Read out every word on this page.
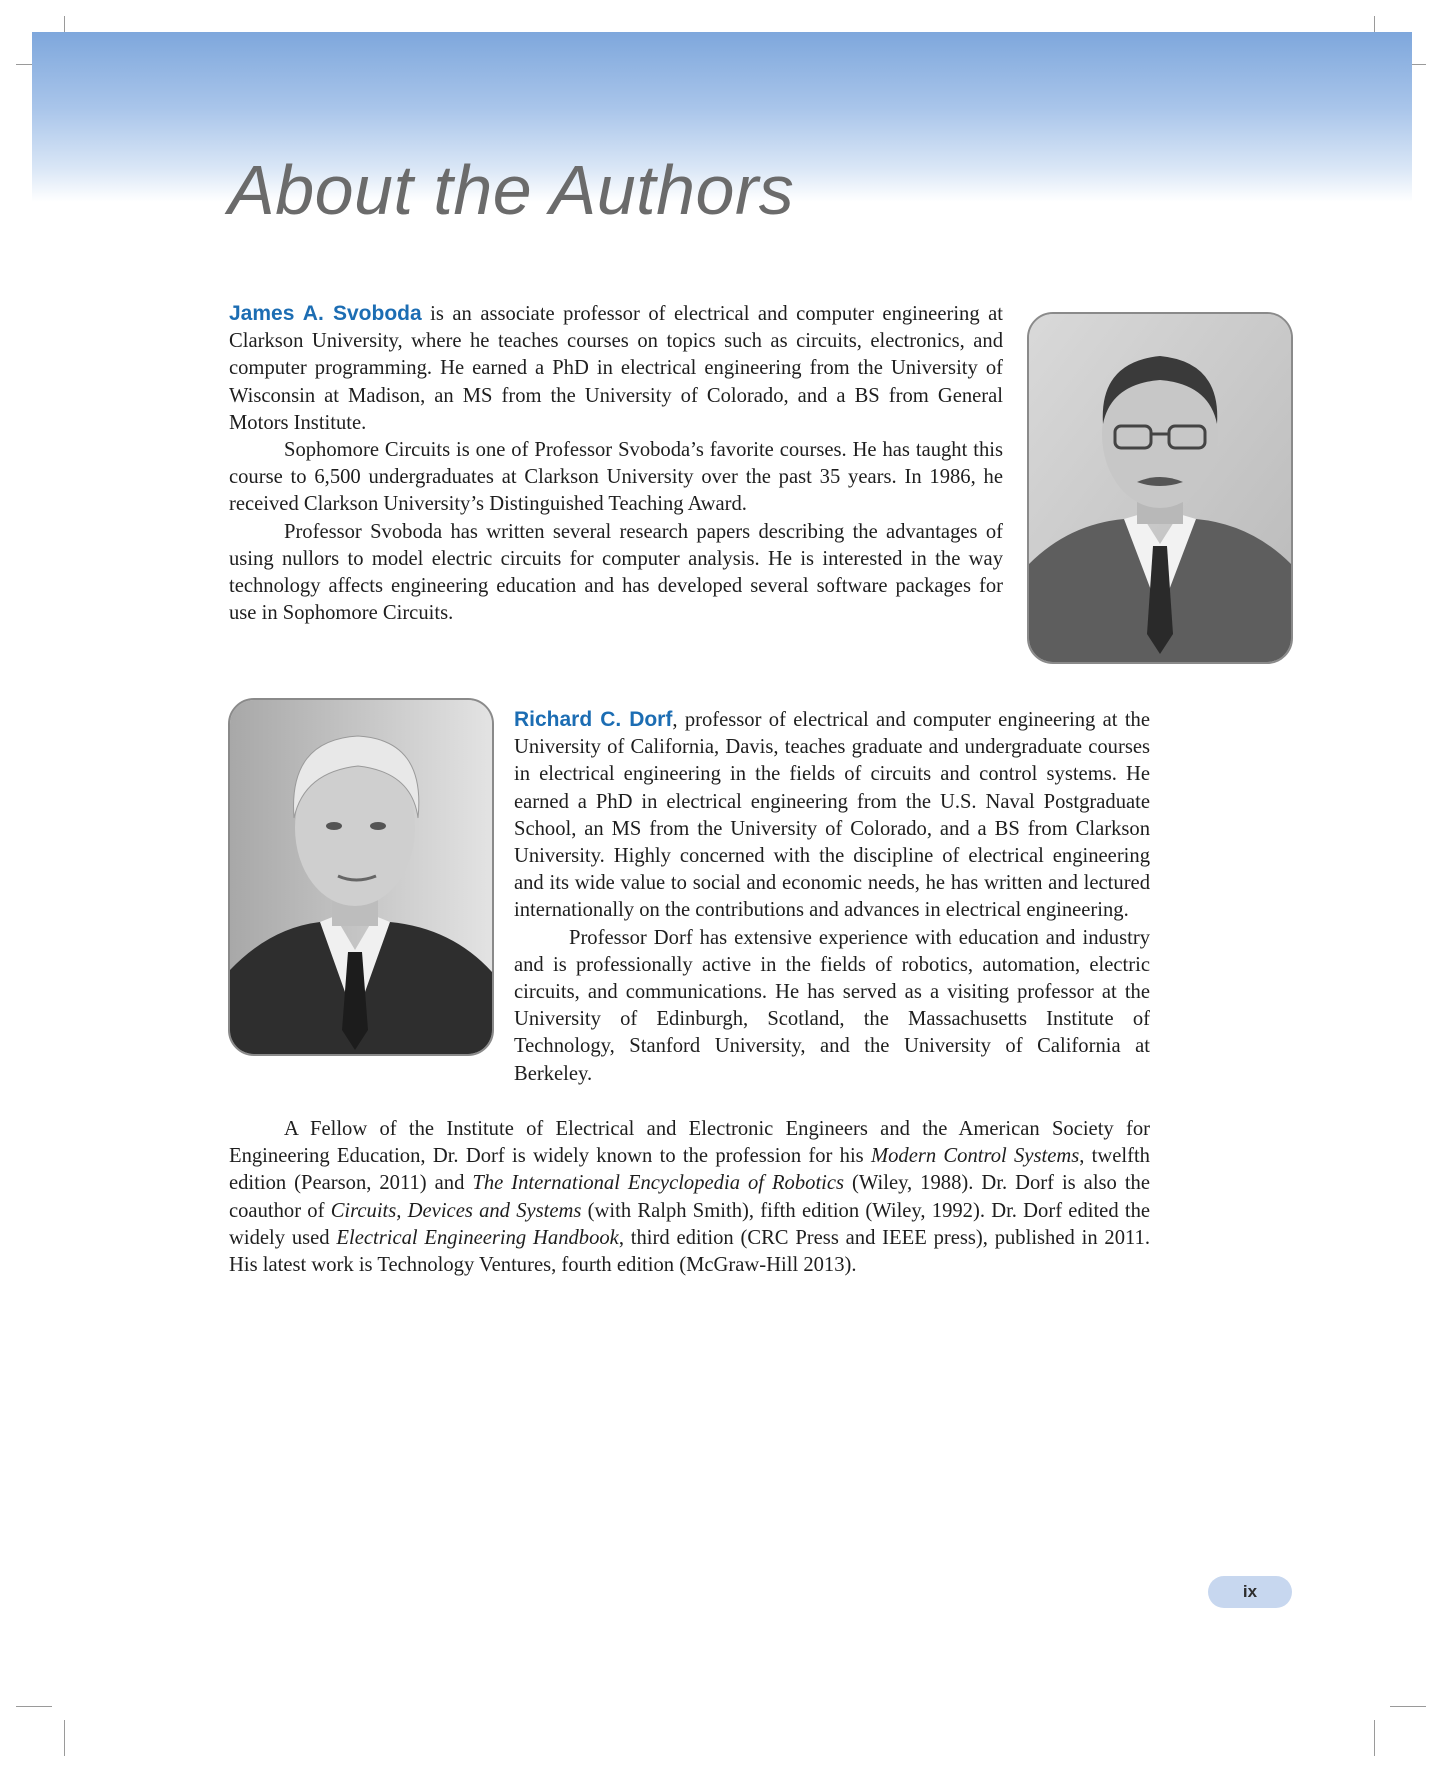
About the Authors

James A. Svoboda is an associate professor of electrical and computer engineering at Clarkson University, where he teaches courses on topics such as circuits, electronics, and computer programming. He earned a PhD in electrical engineering from the University of Wisconsin at Madison, an MS from the University of Colorado, and a BS from General Motors Institute.

Sophomore Circuits is one of Professor Svoboda’s favorite courses. He has taught this course to 6,500 undergraduates at Clarkson University over the past 35 years. In 1986, he received Clarkson University’s Distinguished Teaching Award.

Professor Svoboda has written several research papers describing the advantages of using nullors to model electric circuits for computer analysis. He is interested in the way technology affects engineering education and has developed several software packages for use in Sophomore Circuits.

Richard C. Dorf, professor of electrical and computer engineering at the University of California, Davis, teaches graduate and undergraduate courses in electrical engineering in the fields of circuits and control systems. He earned a PhD in electrical engineering from the U.S. Naval Postgraduate School, an MS from the University of Colorado, and a BS from Clarkson University. Highly concerned with the discipline of electrical engineering and its wide value to social and economic needs, he has written and lectured internationally on the contributions and advances in electrical engineering.

Professor Dorf has extensive experience with education and industry and is professionally active in the fields of robotics, automation, electric circuits, and communications. He has served as a visiting professor at the University of Edinburgh, Scotland, the Massachusetts Institute of Technology, Stanford University, and the University of California at Berkeley.

A Fellow of the Institute of Electrical and Electronic Engineers and the American Society for Engineering Education, Dr. Dorf is widely known to the profession for his Modern Control Systems, twelfth edition (Pearson, 2011) and The International Encyclopedia of Robotics (Wiley, 1988). Dr. Dorf is also the coauthor of Circuits, Devices and Systems (with Ralph Smith), fifth edition (Wiley, 1992). Dr. Dorf edited the widely used Electrical Engineering Handbook, third edition (CRC Press and IEEE press), published in 2011. His latest work is Technology Ventures, fourth edition (McGraw-Hill 2013).

ix
